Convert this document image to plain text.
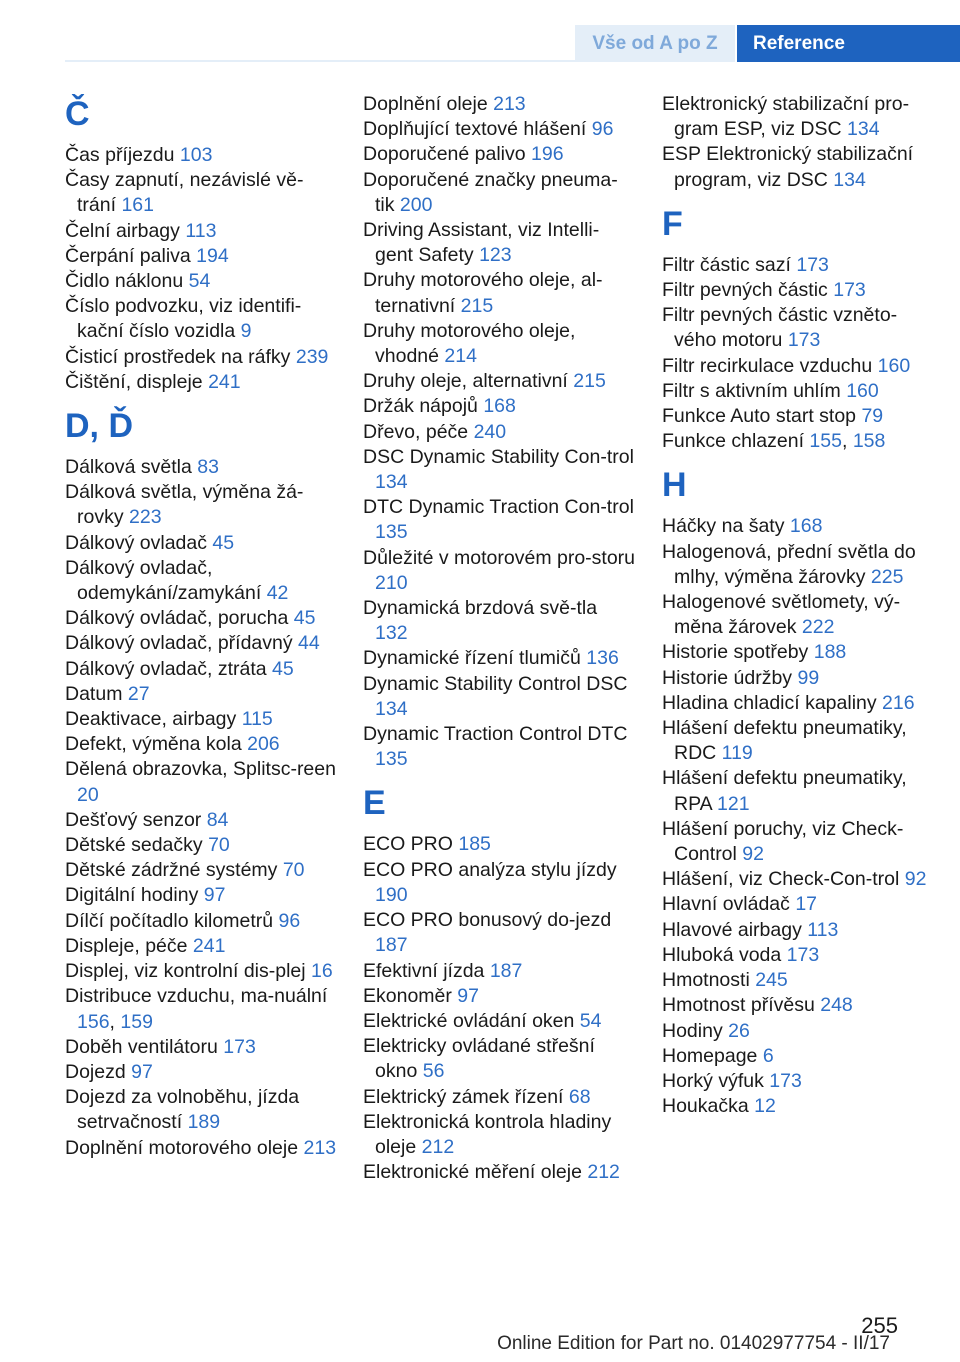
Vše od A po Z	Reference
Č
Čas příjezdu 103
Časy zapnutí, nezávislé vě‐trání 161
Čelní airbagy 113
Čerpání paliva 194
Čidlo náklonu 54
Číslo podvozku, viz identifi‐kační číslo vozidla 9
Čisticí prostředek na ráfky 239
Čištění, displeje 241
D, Ď
Dálková světla 83
Dálková světla, výměna žá‐rovky 223
Dálkový ovladač 45
Dálkový ovladač, odemykání/zamykání 42
Dálkový ovládač, porucha 45
Dálkový ovladač, přídavný 44
Dálkový ovladač, ztráta 45
Datum 27
Deaktivace, airbagy 115
Defekt, výměna kola 206
Dělená obrazovka, Splitsc‐reen 20
Dešťový senzor 84
Dětské sedačky 70
Dětské zádržné systémy 70
Digitální hodiny 97
Dílčí počítadlo kilometrů 96
Displeje, péče 241
Displej, viz kontrolní dis‐plej 16
Distribuce vzduchu, ma‐nuální 156, 159
Doběh ventilátoru 173
Dojezd 97
Dojezd za volnoběhu, jízda setrvačností 189
Doplnění motorového oleje 213
Doplnění oleje 213
Doplňující textové hlášení 96
Doporučené palivo 196
Doporučené značky pneuma‐tik 200
Driving Assistant, viz Intelli‐gent Safety 123
Druhy motorového oleje, al‐ternativní 215
Druhy motorového oleje, vhodné 214
Druhy oleje, alternativní 215
Držák nápojů 168
Dřevo, péče 240
DSC Dynamic Stability Con‐trol 134
DTC Dynamic Traction Con‐trol 135
Důležité v motorovém pro‐storu 210
Dynamická brzdová svě‐tla 132
Dynamické řízení tlumičů 136
Dynamic Stability Control DSC 134
Dynamic Traction Control DTC 135
E
ECO PRO 185
ECO PRO analýza stylu jízdy 190
ECO PRO bonusový do‐jezd 187
Efektivní jízda 187
Ekonoměr 97
Elektrické ovládání oken 54
Elektricky ovládané střešní okno 56
Elektrický zámek řízení 68
Elektronická kontrola hladiny oleje 212
Elektronické měření oleje 212
Elektronický stabilizační pro‐gram ESP, viz DSC 134
ESP Elektronický stabilizační program, viz DSC 134
F
Filtr částic sazí 173
Filtr pevných částic 173
Filtr pevných částic vzněto‐vého motoru 173
Filtr recirkulace vzduchu 160
Filtr s aktivním uhlím 160
Funkce Auto start stop 79
Funkce chlazení 155, 158
H
Háčky na šaty 168
Halogenová, přední světla do mlhy, výměna žárovky 225
Halogenové světlomety, vý‐měna žárovek 222
Historie spotřeby 188
Historie údržby 99
Hladina chladicí kapaliny 216
Hlášení defektu pneumatiky, RDC 119
Hlášení defektu pneumatiky, RPA 121
Hlášení poruchy, viz Check-Control 92
Hlášení, viz Check-Con‐trol 92
Hlavní ovládač 17
Hlavové airbagy 113
Hluboká voda 173
Hmotnosti 245
Hmotnost přívěsu 248
Hodiny 26
Homepage 6
Horký výfuk 173
Houkačka 12
255
Online Edition for Part no. 01402977754 - II/17
